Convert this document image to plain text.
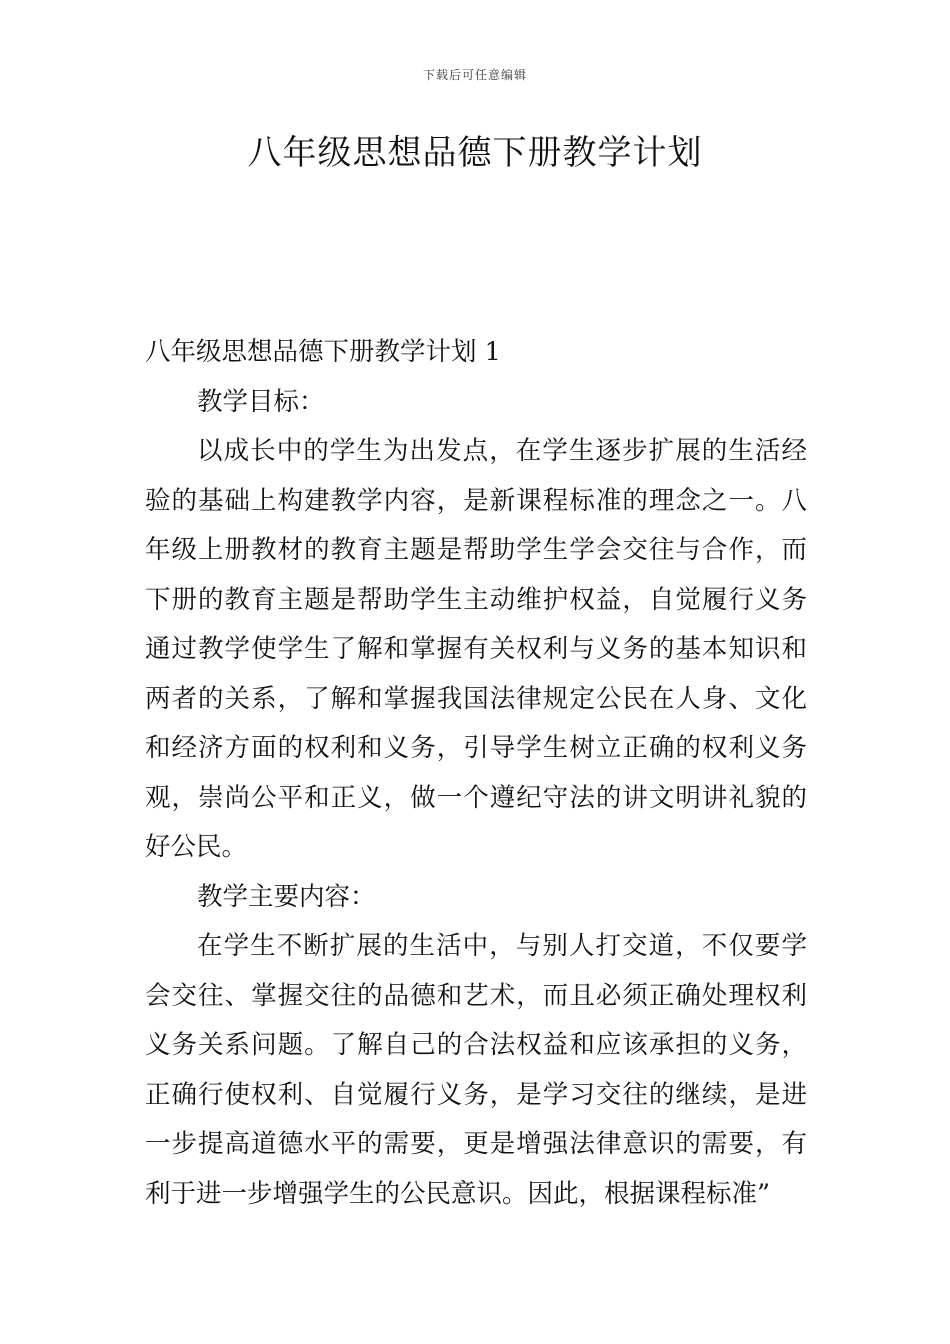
下载后可任意编辑
八年级思想品德下册教学计划

八年级思想品德下册教学计划 1

教学目标：

以成长中的学生为出发点，在学生逐步扩展的生活经验的基础上构建教学内容，是新课程标准的理念之一。八年级上册教材的教育主题是帮助学生学会交往与合作，而下册的教育主题是帮助学生主动维护权益，自觉履行义务通过教学使学生了解和掌握有关权利与义务的基本知识和两者的关系，了解和掌握我国法律规定公民在人身、文化和经济方面的权利和义务，引导学生树立正确的权利义务观，崇尚公平和正义，做一个遵纪守法的讲文明讲礼貌的好公民。

教学主要内容：

在学生不断扩展的生活中，与别人打交道，不仅要学会交往、掌握交往的品德和艺术，而且必须正确处理权利义务关系问题。了解自己的合法权益和应该承担的义务，正确行使权利、自觉履行义务，是学习交往的继续，是进一步提高道德水平的需要，更是增强法律意识的需要，有利于进一步增强学生的公民意识。因此，根据课程标准”
